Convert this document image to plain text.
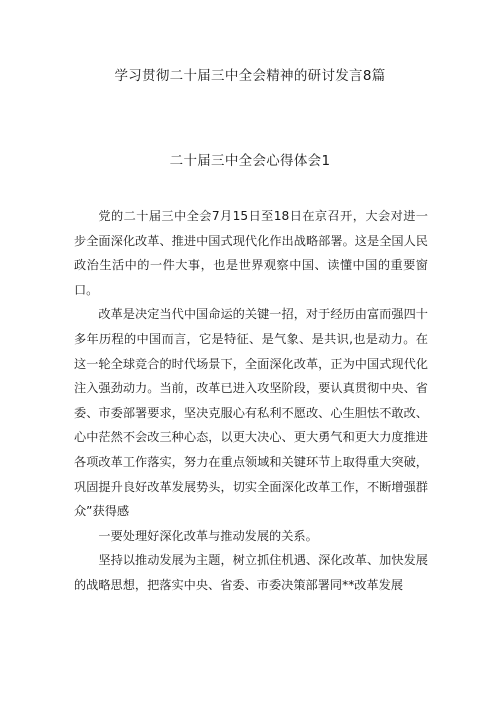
学习贯彻二十届三中全会精神的研讨发言8篇
二十届三中全会心得体会1

党的二十届三中全会7月15日至18日在京召开，大会对进一步全面深化改革、推进中国式现代化作出战略部署。这是全国人民政治生活中的一件大事，也是世界观察中国、读懂中国的重要窗口。

改革是决定当代中国命运的关键一招，对于经历由富而强四十多年历程的中国而言，它是特征、是气象、是共识,也是动力。在这一轮全球竞合的时代场景下，全面深化改革，正为中国式现代化注入强劲动力。当前，改革已进入攻坚阶段，要认真贯彻中央、省委、市委部署要求，坚决克服心有私利不愿改、心生胆怯不敢改、心中茫然不会改三种心态，以更大决心、更大勇气和更大力度推进各项改革工作落实，努力在重点领域和关键环节上取得重大突破，巩固提升良好改革发展势头，切实全面深化改革工作，不断增强群众”获得感

一要处理好深化改革与推动发展的关系。

坚持以推动发展为主题，树立抓住机遇、深化改革、加快发展的战略思想，把落实中央、省委、市委决策部署同**改革发展
